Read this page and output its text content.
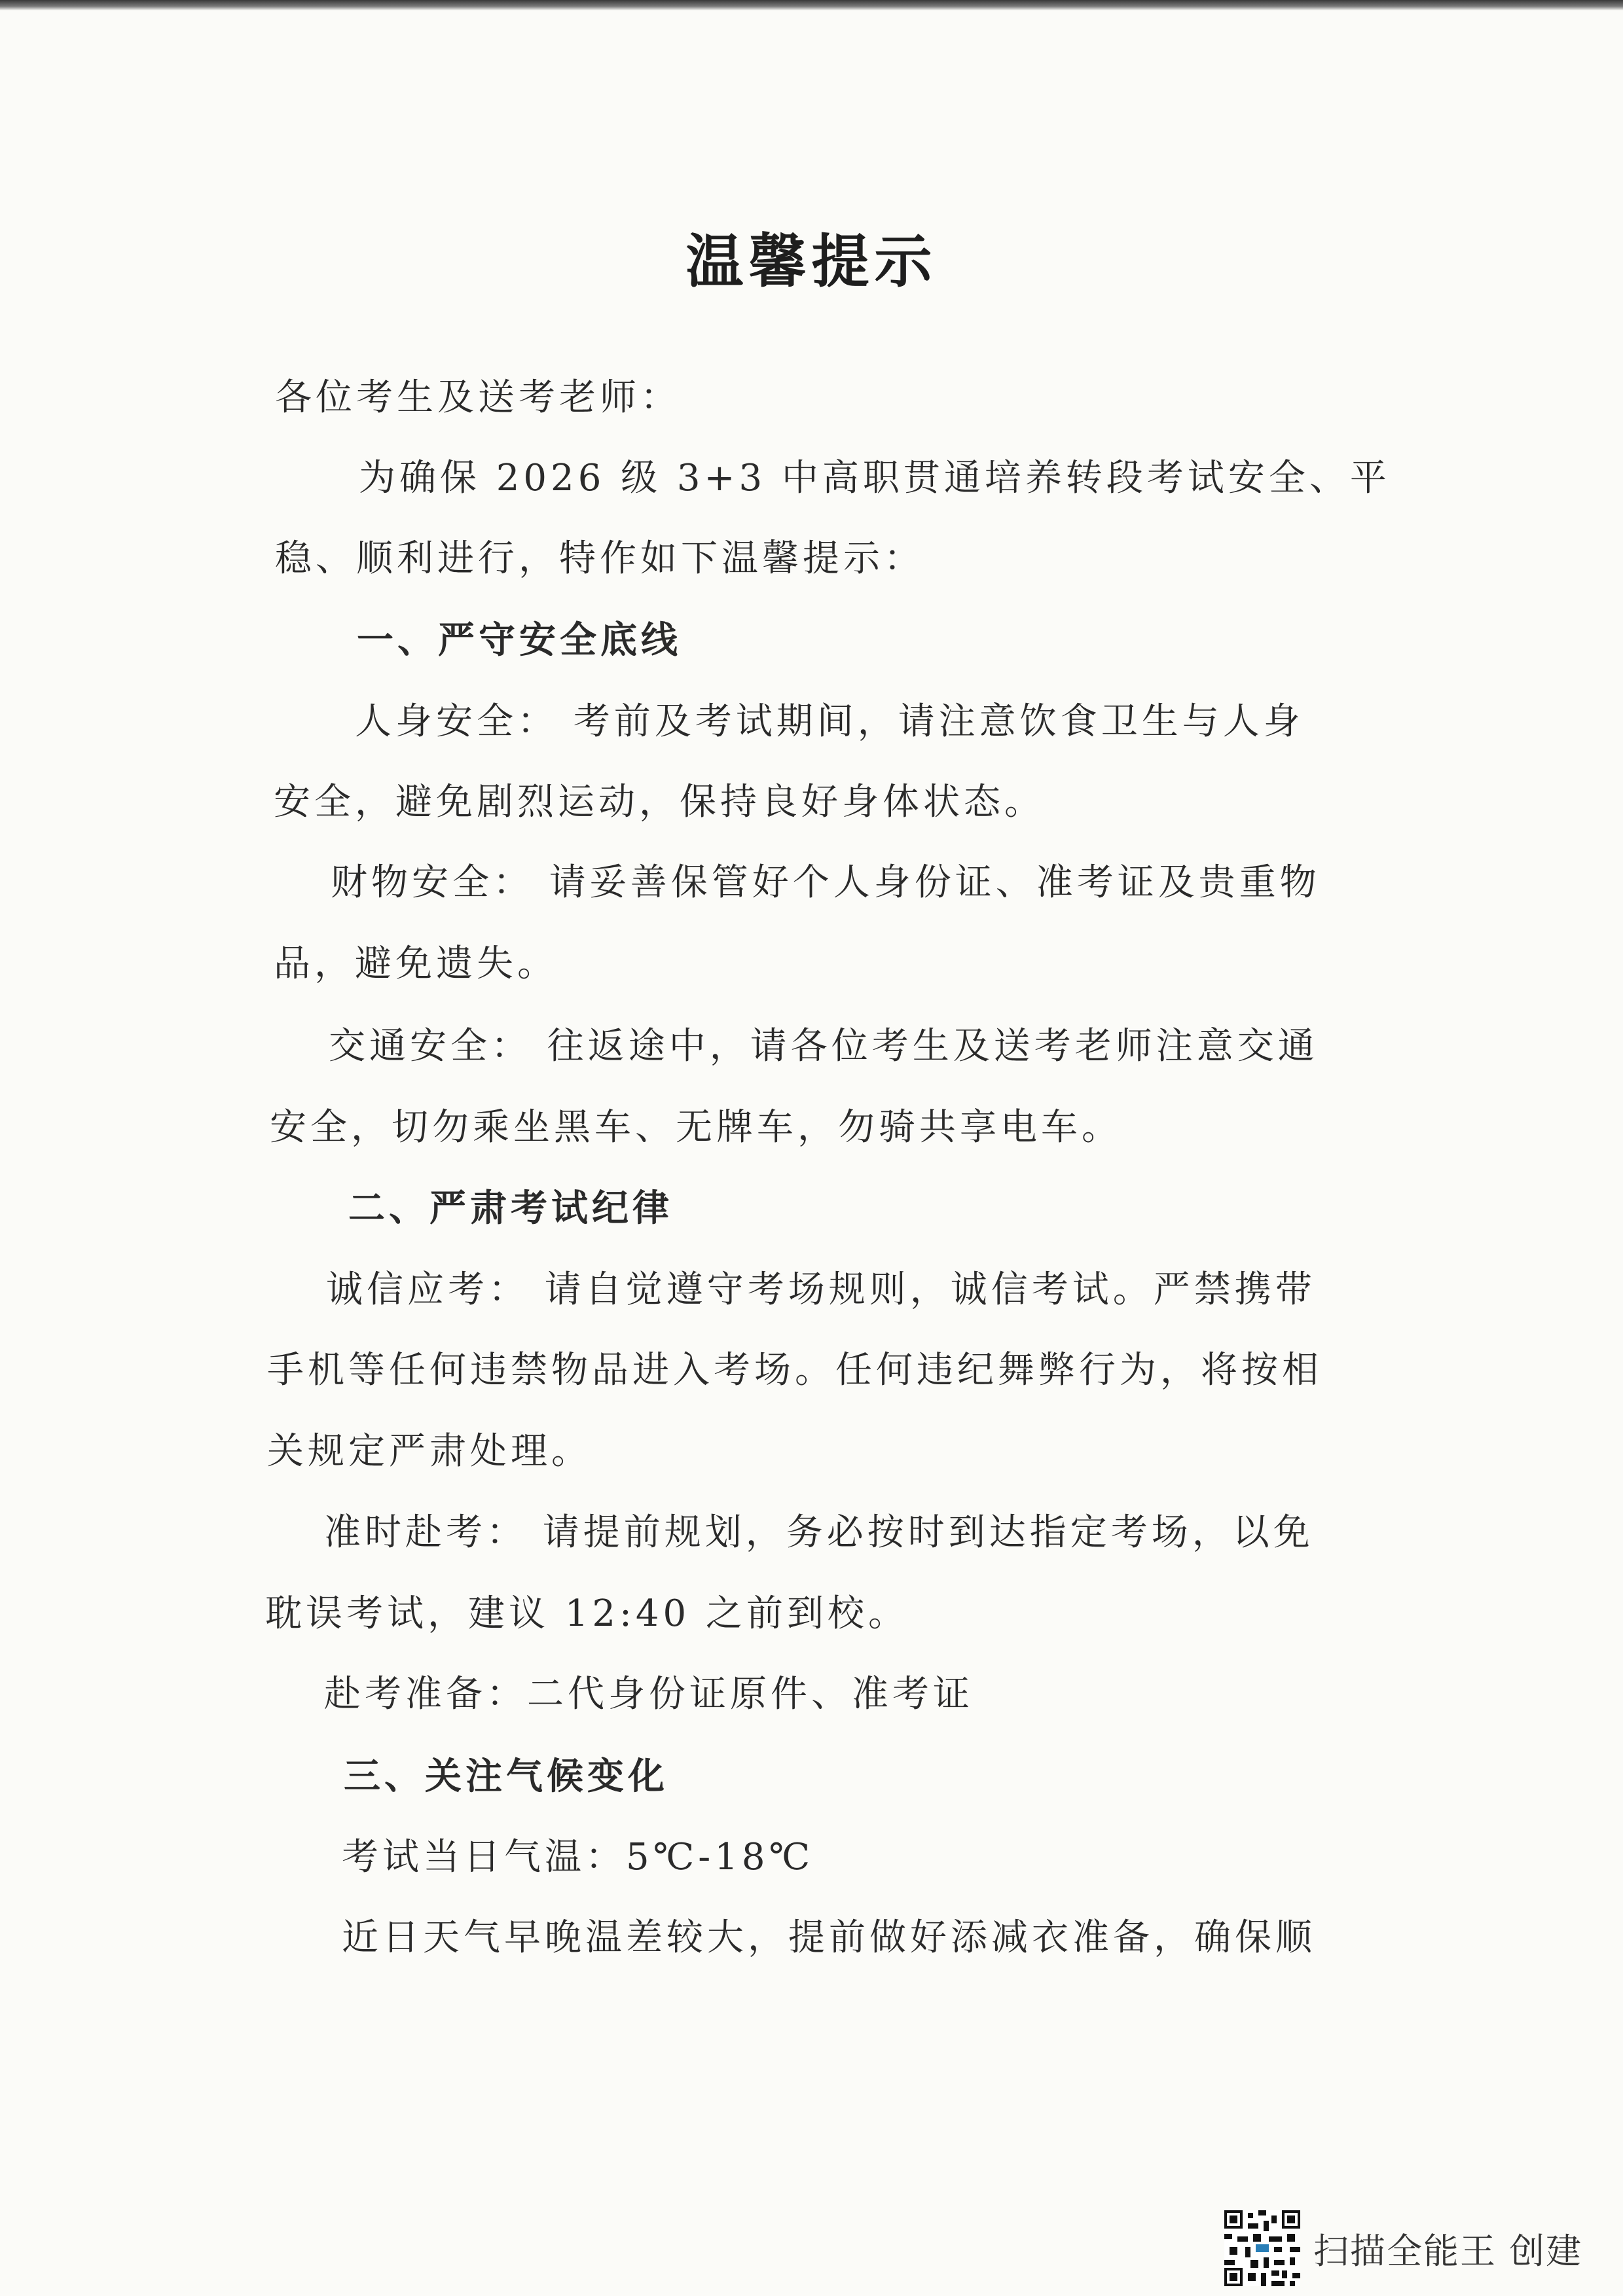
温馨提示
各位考生及送考老师：
为确保 2026 级 3+3 中高职贯通培养转段考试安全、平
稳、顺利进行，特作如下温馨提示：
一、严守安全底线
人身安全： 考前及考试期间，请注意饮食卫生与人身
安全，避免剧烈运动，保持良好身体状态。
财物安全： 请妥善保管好个人身份证、准考证及贵重物
品，避免遗失。
交通安全： 往返途中，请各位考生及送考老师注意交通
安全，切勿乘坐黑车、无牌车，勿骑共享电车。
二、严肃考试纪律
诚信应考： 请自觉遵守考场规则，诚信考试。严禁携带
手机等任何违禁物品进入考场。任何违纪舞弊行为，将按相
关规定严肃处理。
准时赴考： 请提前规划，务必按时到达指定考场，以免
耽误考试，建议 12:40 之前到校。
赴考准备：二代身份证原件、准考证
三、关注气候变化
考试当日气温：5℃-18℃
近日天气早晚温差较大，提前做好添减衣准备，确保顺
扫描全能王 创建
